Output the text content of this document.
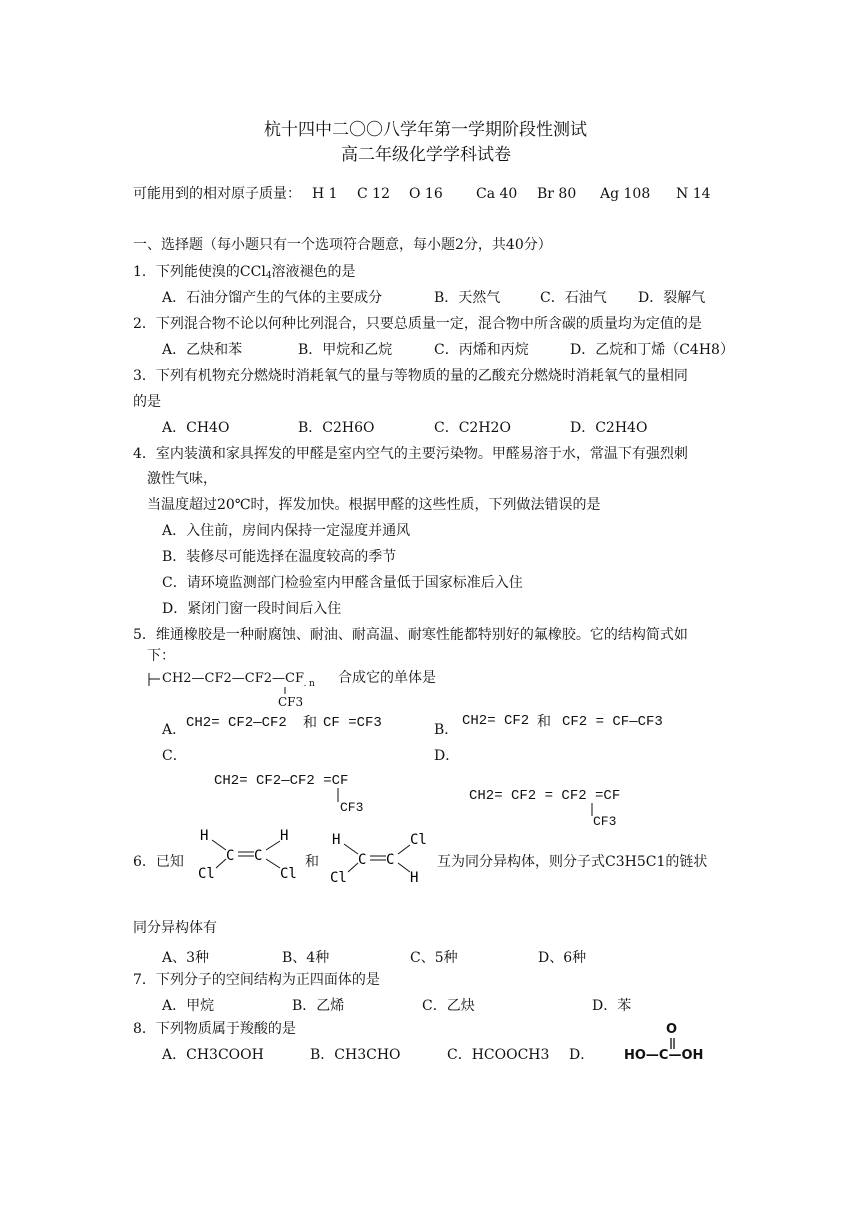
杭十四中二〇〇八学年第一学期阶段性测试
高二年级化学学科试卷
可能用到的相对原子质量： H 1 C 12 O 16 Ca 40 Br 80 Ag 108 N 14
一、选择题（每小题只有一个选项符合题意，每小题2分，共40分）
1．下列能使溴的CCl$_4$溶液褪色的是
A．石油分馏产生的气体的主要成分	B．天然气	C．石油气 D．裂解气
2．下列混合物不论以何种比列混合，只要总质量一定，混合物中所含碳的质量均为定值的是
A．乙炔和苯	B．甲烷和乙烷	C．丙烯和丙烷	D．乙烷和丁烯（C4H8）
3．下列有机物充分燃烧时消耗氧气的量与等物质的量的乙酸充分燃烧时消耗氧气的量相同
的是
A．CH4O	B．C2H6O	C．C2H2O	D．C2H4O
4．室内装潢和家具挥发的甲醛是室内空气的主要污染物。甲醛易溶于水，常温下有强烈刺
激性气味，
当温度超过20℃时，挥发加快。根据甲醛的这些性质，下列做法错误的是
A．入住前，房间内保持一定湿度并通风
B．装修尽可能选择在温度较高的季节
C．请环境监测部门检验室内甲醛含量低于国家标准后入住
D．紧闭门窗一段时间后入住
5．维通橡胶是一种耐腐蚀、耐油、耐高温、耐寒性能都特别好的氟橡胶。它的结构简式如
下：
CH2—CF2—CF2—CF n
CF3
合成它的单体是
A． CH2= CF2—CF2 和 CF =CF3	B．
CH2= CF2 和 CF2 = CF—CF3
C．	D．
CH2= CF2—CF2 =CF
CF3
CH2= CF2 = CF2 =CF
CF3
6．已知
H
Cl
C C
H
Cl
和
H
Cl
C C
Cl
H
互为同分异构体，则分子式C3H5C1的链状
同分异构体有
A、3种	B、4种	C、5种	D、6种
7．下列分子的空间结构为正四面体的是
A．甲烷	B．乙烯	C．乙炔	D．苯
8．下列物质属于羧酸的是
A．CH3COOH	B．CH3CHO	C．HCOOCH3 D．
O
HO—C—OH
